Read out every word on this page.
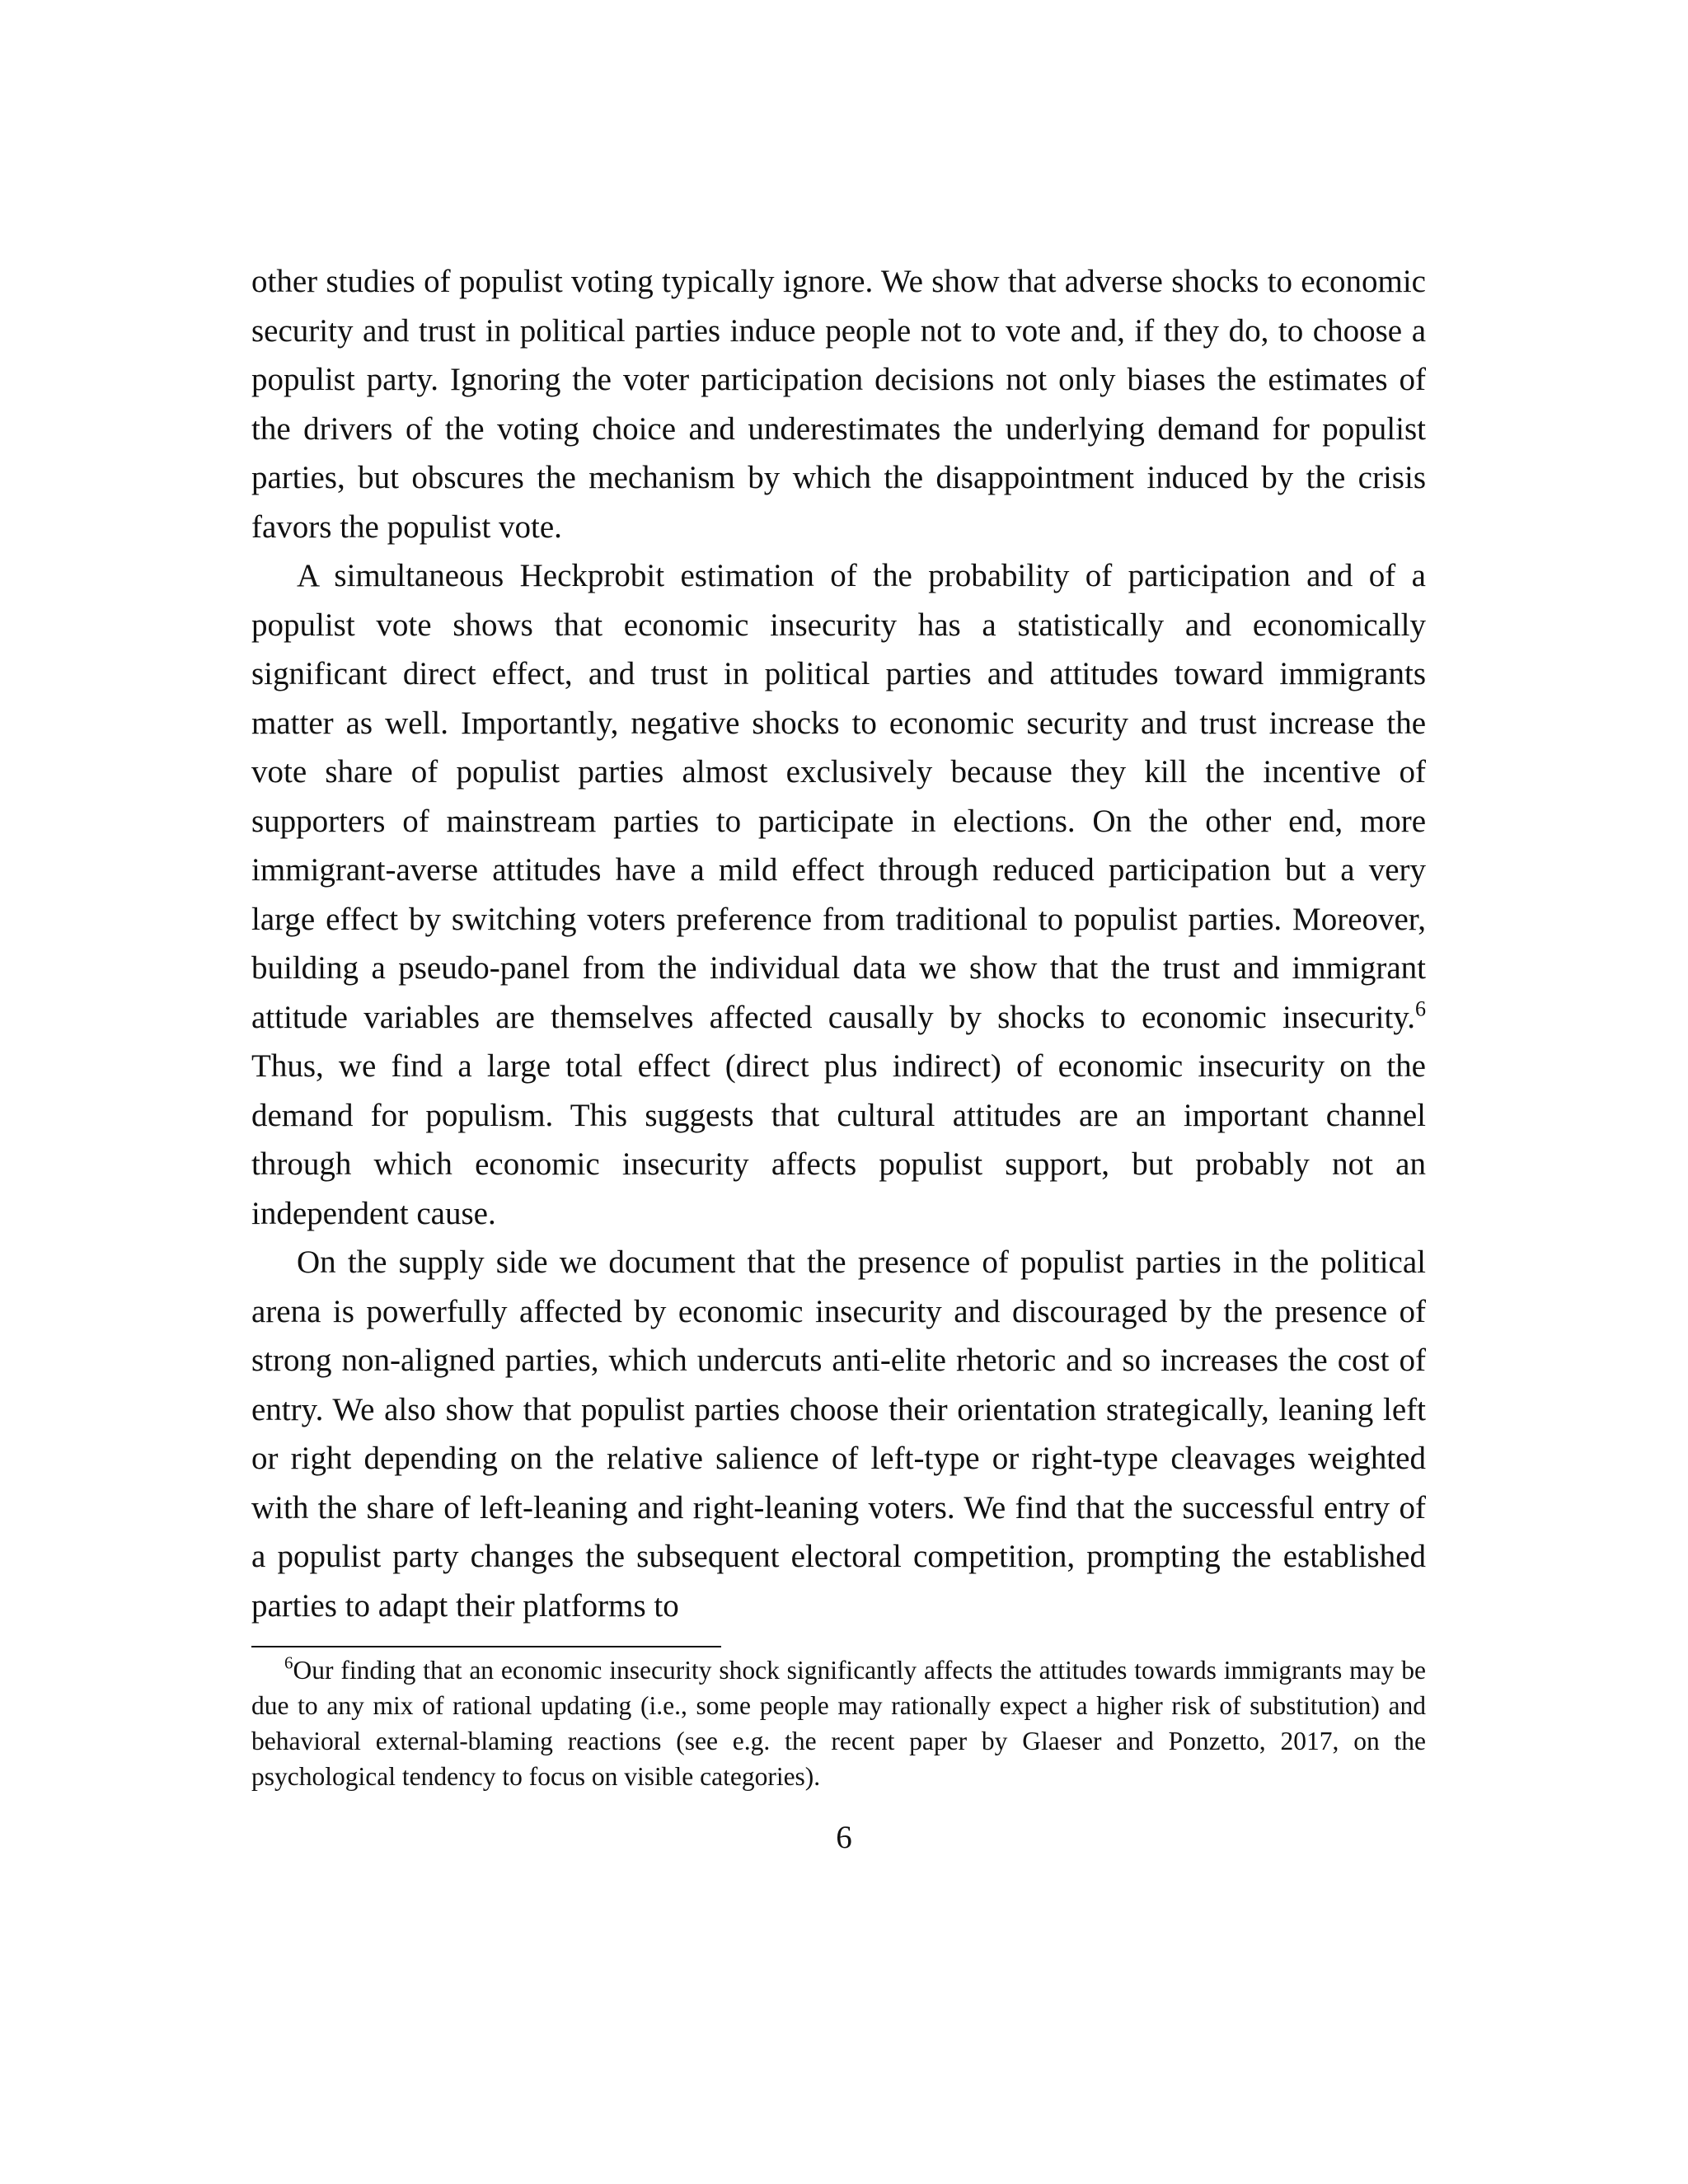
other studies of populist voting typically ignore. We show that adverse shocks to economic security and trust in political parties induce people not to vote and, if they do, to choose a populist party. Ignoring the voter participation decisions not only biases the estimates of the drivers of the voting choice and underestimates the underlying demand for populist parties, but obscures the mechanism by which the disappointment induced by the crisis favors the populist vote.

A simultaneous Heckprobit estimation of the probability of participation and of a populist vote shows that economic insecurity has a statistically and economically significant direct effect, and trust in political parties and attitudes toward immigrants matter as well. Importantly, negative shocks to economic security and trust increase the vote share of populist parties almost exclusively because they kill the incentive of supporters of mainstream parties to participate in elections. On the other end, more immigrant-averse attitudes have a mild effect through reduced participation but a very large effect by switching voters preference from traditional to populist parties. Moreover, building a pseudo-panel from the individual data we show that the trust and immigrant attitude variables are themselves affected causally by shocks to economic insecurity.$^6$ Thus, we find a large total effect (direct plus indirect) of economic insecurity on the demand for populism. This suggests that cultural attitudes are an important channel through which economic insecurity affects populist support, but probably not an independent cause.

On the supply side we document that the presence of populist parties in the political arena is powerfully affected by economic insecurity and discouraged by the presence of strong non-aligned parties, which undercuts anti-elite rhetoric and so increases the cost of entry. We also show that populist parties choose their orientation strategically, leaning left or right depending on the relative salience of left-type or right-type cleavages weighted with the share of left-leaning and right-leaning voters. We find that the successful entry of a populist party changes the subsequent electoral competition, prompting the established parties to adapt their platforms to

$^6$Our finding that an economic insecurity shock significantly affects the attitudes towards immigrants may be due to any mix of rational updating (i.e., some people may rationally expect a higher risk of substitution) and behavioral external-blaming reactions (see e.g. the recent paper by Glaeser and Ponzetto, 2017, on the psychological tendency to focus on visible categories).

6
